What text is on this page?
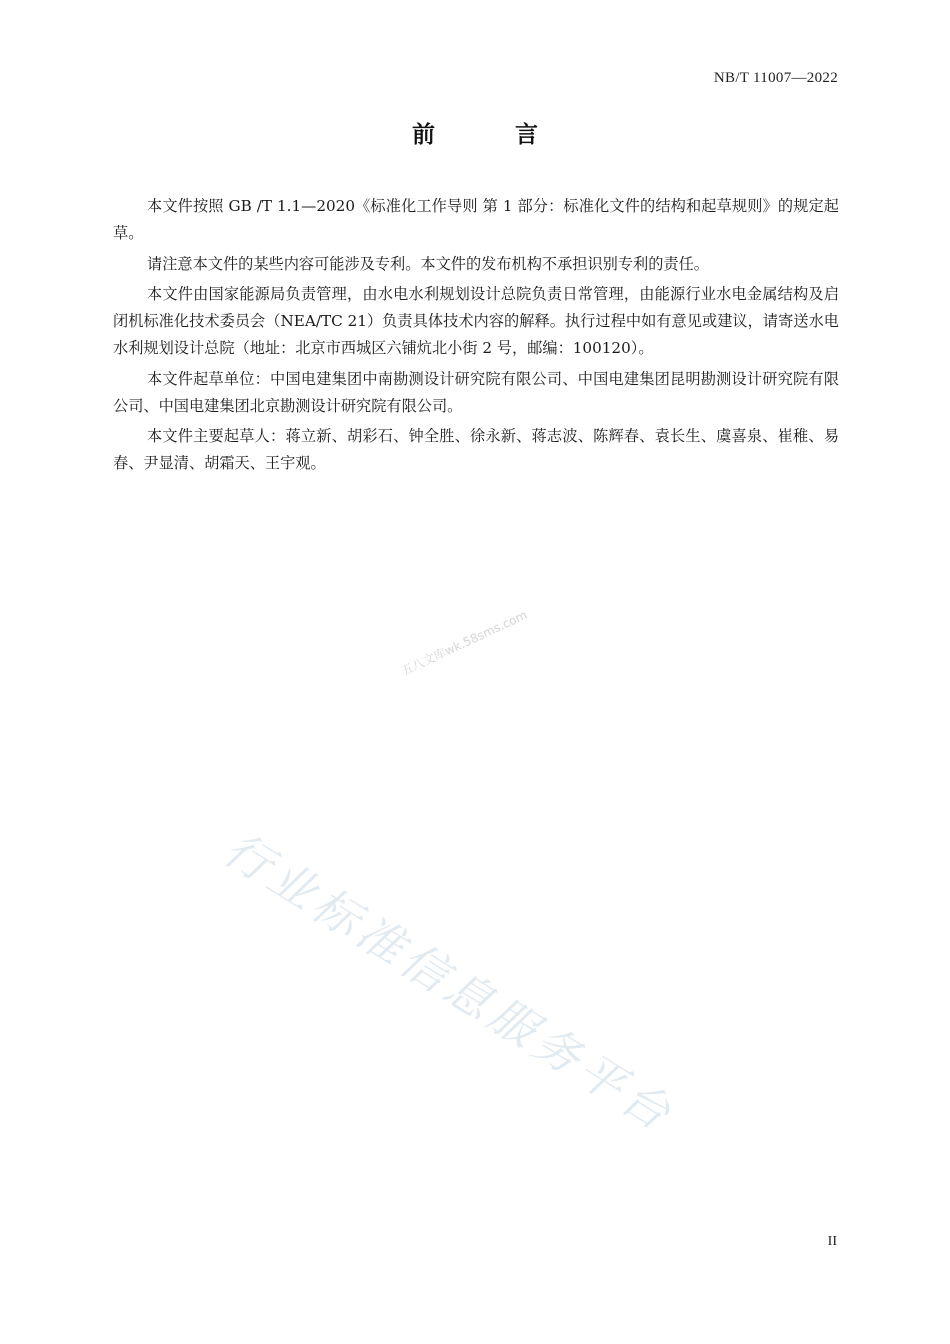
NB/T 11007—2022
前 言

本文件按照 GB /T 1.1—2020《标准化工作导则 第 1 部分：标准化文件的结构和起草规则》的规定起草。

请注意本文件的某些内容可能涉及专利。本文件的发布机构不承担识别专利的责任。

本文件由国家能源局负责管理，由水电水利规划设计总院负责日常管理，由能源行业水电金属结构及启闭机标准化技术委员会（NEA/TC 21）负责具体技术内容的解释。执行过程中如有意见或建议，请寄送水电水利规划设计总院（地址：北京市西城区六铺炕北小街 2 号，邮编：100120）。

本文件起草单位：中国电建集团中南勘测设计研究院有限公司、中国电建集团昆明勘测设计研究院有限公司、中国电建集团北京勘测设计研究院有限公司。

本文件主要起草人：蒋立新、胡彩石、钟全胜、徐永新、蒋志波、陈辉春、袁长生、虞喜泉、崔稚、易春、尹显清、胡霜天、王宇观。

五八文库wk.58sms.com
行业标准信息服务平台
II
